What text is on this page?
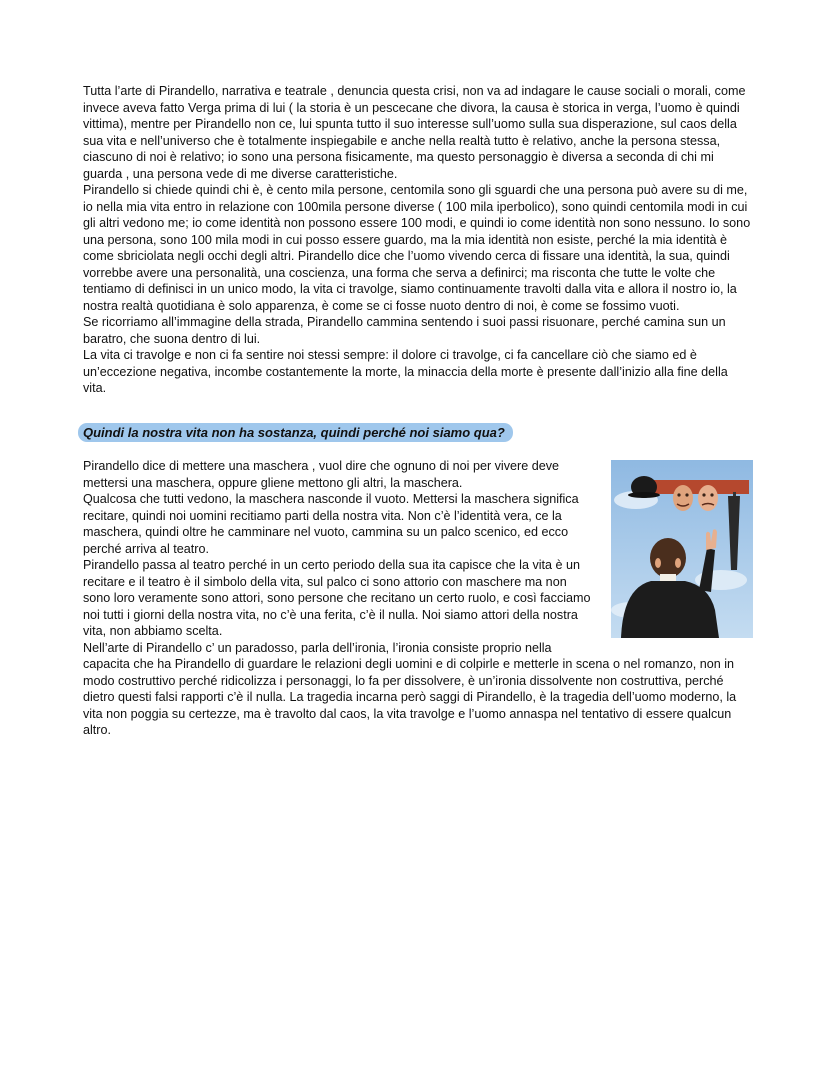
Tutta l’arte di Pirandello, narrativa e teatrale , denuncia questa crisi, non va ad indagare le cause sociali o morali, come invece aveva fatto Verga prima di lui ( la storia è un pescecane che divora, la causa è storica in verga, l’uomo è quindi vittima), mentre per Pirandello non ce, lui spunta tutto il suo interesse sull’uomo sulla sua disperazione, sul caos della sua vita e nell’universo che è totalmente inspiegabile e anche nella realtà tutto è relativo, anche la persona stessa, ciascuno di noi è relativo; io sono una persona fisicamente, ma questo personaggio è diversa a seconda di chi mi guarda , una persona vede di me diverse caratteristiche.

Pirandello si chiede quindi chi è, è cento mila persone, centomila sono gli sguardi che una persona può avere su di me, io nella mia vita entro in relazione con 100mila persone diverse ( 100 mila iperbolico), sono quindi centomila modi in cui gli altri vedono me; io come identità non possono essere 100 modi, e quindi io come identità non sono nessuno. Io sono una persona, sono 100 mila modi in cui posso essere guardo, ma la mia identità non esiste, perché la mia identità è come sbriciolata negli occhi degli altri. Pirandello dice che l’uomo vivendo cerca di fissare una identità, la sua, quindi vorrebbe avere una personalità, una coscienza, una forma che serva a definirci; ma risconta che tutte le volte che tentiamo di definisci in un unico modo, la vita ci travolge, siamo continuamente travolti dalla vita e allora il nostro io, la nostra realtà quotidiana è solo apparenza, è come se ci fosse nuoto dentro di noi, è come se fossimo vuoti.

Se ricorriamo all’immagine della strada, Pirandello cammina sentendo i suoi passi risuonare, perché camina sun un baratro, che suona dentro di lui.

La vita ci travolge e non ci fa sentire noi stessi sempre: il dolore ci travolge, ci fa cancellare ciò che siamo ed è un’eccezione negativa, incombe costantemente la morte, la minaccia della morte è presente dall’inizio alla fine della vita.

Quindi la nostra vita non ha sostanza, quindi perché noi siamo qua?

Pirandello dice di mettere una maschera , vuol dire che ognuno di noi per vivere deve mettersi una maschera, oppure gliene mettono gli altri, la maschera.

Qualcosa che tutti vedono, la maschera nasconde il vuoto. Mettersi la maschera significa recitare, quindi noi uomini recitiamo parti della nostra vita. Non c’è l’identità vera, ce la maschera, quindi oltre he camminare nel vuoto, cammina su un palco scenico, ed ecco perché arriva al teatro.

Pirandello passa al teatro perché in un certo periodo della sua ita capisce che la vita è un recitare e il teatro è il simbolo della vita, sul palco ci sono attorio con maschere ma non sono loro veramente sono attori, sono persone che recitano un certo ruolo, e così facciamo noi tutti i giorni della nostra vita, no c’è una ferita, c’è il nulla. Noi siamo attori della nostra vita, non abbiamo scelta.

Nell’arte di Pirandello c’ un paradosso, parla dell’ironia, l’ironia consiste proprio nella capacita che ha Pirandello di guardare le relazioni degli uomini e di colpirle e metterle in scena o nel romanzo, non in modo costruttivo perché ridicolizza i personaggi, lo fa per dissolvere, è un’ironia dissolvente non costruttiva, perché dietro questi falsi rapporti c’è il nulla. La tragedia incarna però saggi di Pirandello, è la tragedia dell’uomo moderno, la vita non poggia su certezze, ma è travolto dal caos, la vita travolge e l’uomo annaspa nel tentativo di essere qualcun altro.
